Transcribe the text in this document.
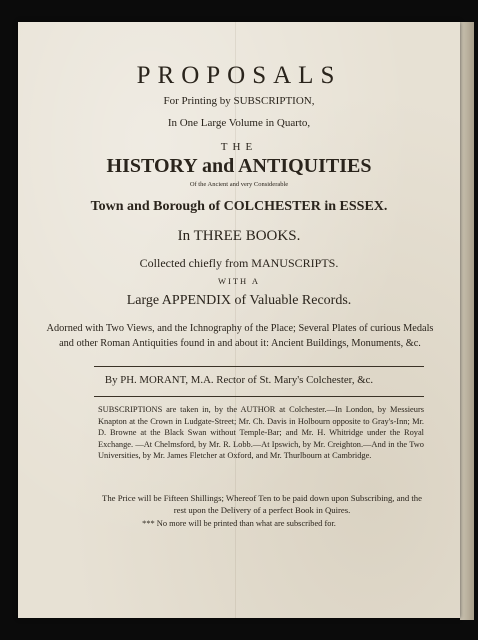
PROPOSALS
For Printing by SUBSCRIPTION,
In One Large Volume in Quarto,
THE
HISTORY and ANTIQUITIES
Of the Ancient and very Considerable
Town and Borough of COLCHESTER in ESSEX.
In THREE BOOKS.
Collected chiefly from MANUSCRIPTS.
WITH A
Large APPENDIX of Valuable Records.
Adorned with Two Views, and the Ichnography of the Place; Several Plates of curious Medals and other Roman Antiquities found in and about it: Ancient Buildings, Monuments, &c.
By PH. MORANT, M.A. Rector of St. Mary's Colchester, &c.
SUBSCRIPTIONS are taken in, by the AUTHOR at Colchester.—In London, by Messieurs Knapton at the Crown in Ludgate-Street; Mr. Ch. Davis in Holbourn opposite to Gray's-Inn; Mr. D. Browne at the Black Swan without Temple-Bar; and Mr. H. Whitridge under the Royal Exchange. —At Chelmsford, by Mr. R. Lobb.—At Ipswich, by Mr. Creighton.—And in the Two Universities, by Mr. James Fletcher at Oxford, and Mr. Thurlbourn at Cambridge.
The Price will be Fifteen Shillings; Whereof Ten to be paid down upon Subscribing, and the rest upon the Delivery of a perfect Book in Quires.
*** No more will be printed than what are subscribed for.
